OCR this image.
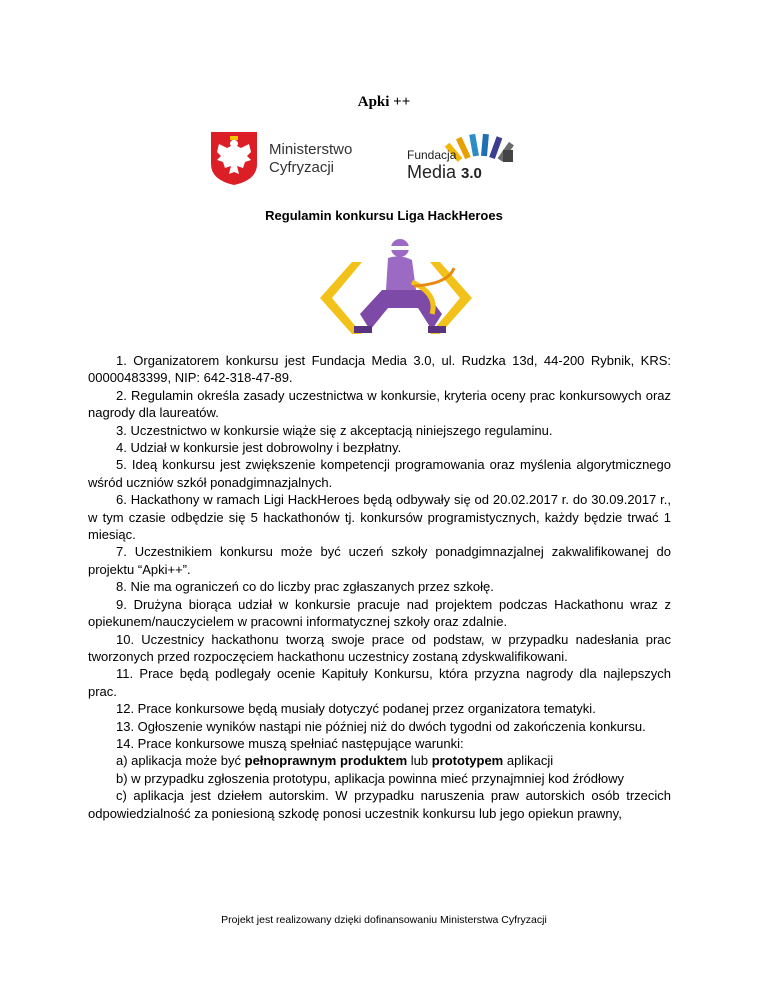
Apki ++
Ministerstwo
Cyfryzacji
Fundacja
Media 3.0
Regulamin konkursu Liga HackHeroes

1. Organizatorem konkursu jest Fundacja Media 3.0, ul. Rudzka 13d, 44-200 Rybnik, KRS: 00000483399, NIP: 642-318-47-89.

2. Regulamin określa zasady uczestnictwa w konkursie, kryteria oceny prac konkursowych oraz nagrody dla laureatów.

3. Uczestnictwo w konkursie wiąże się z akceptacją niniejszego regulaminu.

4. Udział w konkursie jest dobrowolny i bezpłatny.

5. Ideą konkursu jest zwiększenie kompetencji programowania oraz myślenia algorytmicznego wśród uczniów szkół ponadgimnazjalnych.

6. Hackathony w ramach Ligi HackHeroes będą odbywały się od 20.02.2017 r. do 30.09.2017 r., w tym czasie odbędzie się 5 hackathonów tj. konkursów programistycznych, każdy będzie trwać 1 miesiąc.

7. Uczestnikiem konkursu może być uczeń szkoły ponadgimnazjalnej zakwalifikowanej do projektu “Apki++”.

8. Nie ma ograniczeń co do liczby prac zgłaszanych przez szkołę.

9. Drużyna biorąca udział w konkursie pracuje nad projektem podczas Hackathonu wraz z opiekunem/nauczycielem w pracowni informatycznej szkoły oraz zdalnie.

10. Uczestnicy hackathonu tworzą swoje prace od podstaw, w przypadku nadesłania prac tworzonych przed rozpoczęciem hackathonu uczestnicy zostaną zdyskwalifikowani.

11. Prace będą podlegały ocenie Kapituły Konkursu, która przyzna nagrody dla najlepszych prac.

12. Prace konkursowe będą musiały dotyczyć podanej przez organizatora tematyki.

13. Ogłoszenie wyników nastąpi nie później niż do dwóch tygodni od zakończenia konkursu.

14. Prace konkursowe muszą spełniać następujące warunki:

a) aplikacja może być pełnoprawnym produktem lub prototypem aplikacji

b) w przypadku zgłoszenia prototypu, aplikacja powinna mieć przynajmniej kod źródłowy

c) aplikacja jest dziełem autorskim. W przypadku naruszenia praw autorskich osób trzecich odpowiedzialność za poniesioną szkodę ponosi uczestnik konkursu lub jego opiekun prawny,

Projekt jest realizowany dzięki dofinansowaniu Ministerstwa Cyfryzacji
